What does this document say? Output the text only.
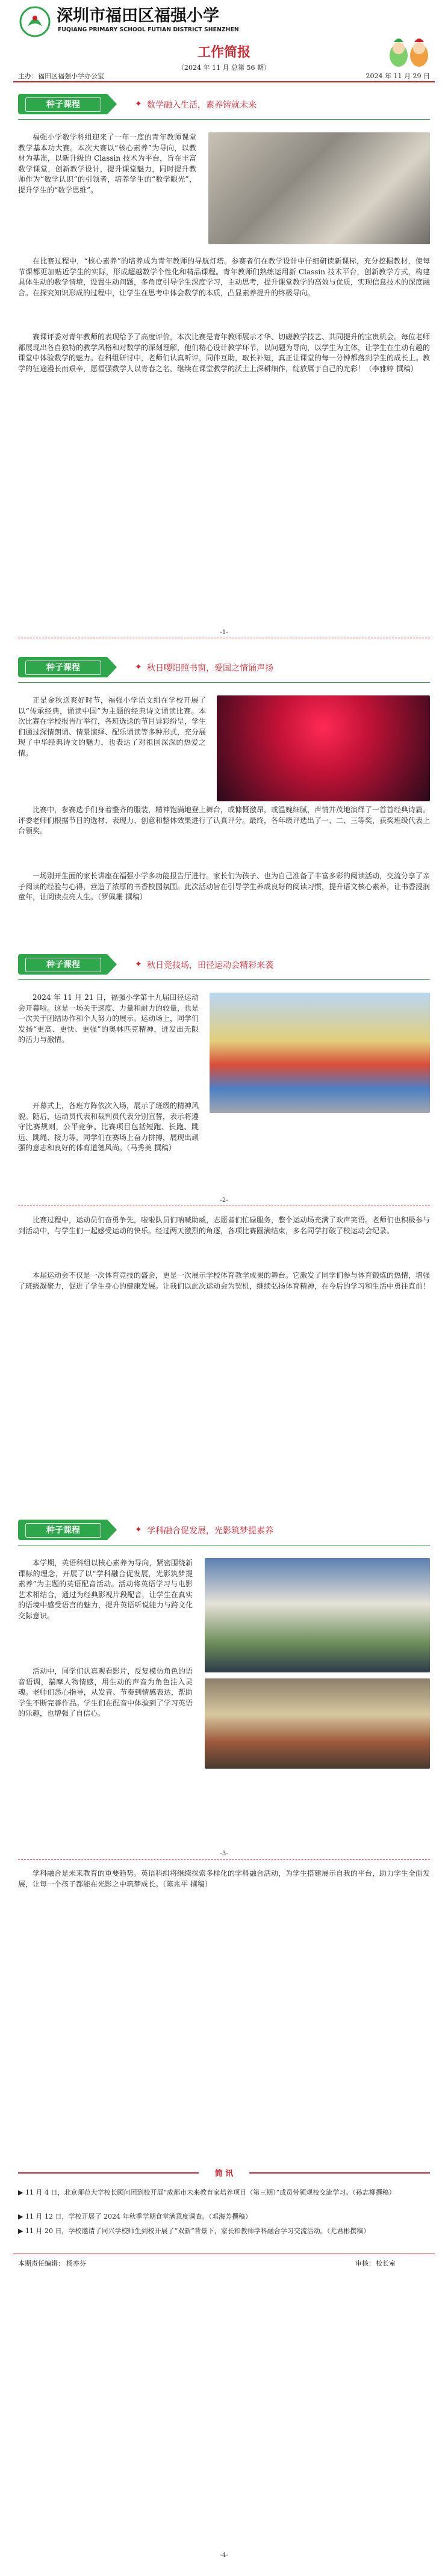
深圳市福田区福强小学
FUQIANG PRIMARY SCHOOL FUTIAN DISTRICT SHENZHEN
工作简报
（2024 年 11 月 总第 56 期）
主办：福田区福强小学办公室	2024 年 11 月 29 日
种子课程	✦ 数学融入生活，素养铸就未来
福强小学数学科组迎来了一年一度的青年教师课堂教学基本功大赛。本次大赛以“核心素养”为导向，以教材为基准，以新升级的 Classin 技术为平台，旨在丰富数学课堂，创新教学设计，提升课堂魅力，同时提升教师作为“数学认识”的引领者，培养学生的“数学眼光”，提升学生的“数学思维”。
在比赛过程中，“核心素养”的培养成为青年教师的导航灯塔。参赛者们在教学设计中仔细研读新课标，充分挖掘教材，使每节课都更加贴近学生的实际，形成超越数学个性化和精品课程。青年教师们熟练运用新 Classin 技术平台，创新教学方式，构建具体生动的数学情境，设置生动问题，多角度引导学生深度学习，主动思考，提升课堂教学的高效与优质，实现信息技术的深度融合。在探究知识形成的过程中，让学生在思考中体会数学的本质，凸显素养提升的终极导向。
赛课评委对青年教师的表现给予了高度评价，本次比赛是青年教师展示才华、切磋教学技艺、共同提升的宝贵机会。每位老师都展现出各自独特的教学风格和对数学的深刻理解，他们精心设计教学环节，以问题为导向，以学生为主体，让学生在生动有趣的课堂中体验数学的魅力。在科组研讨中，老师们认真听评，同伴互助，取长补短，真正让课堂的每一分钟都落到学生的成长上。教学的征途漫长而艰辛，愿福强数学人以青春之名，继续在课堂教学的沃土上深耕细作，绽放属于自己的光彩！（李雅婷 撰稿）
-1-
种子课程	✦ 秋日嘤阳照书窗，爱国之情诵声扬
正是金秋送爽好时节，福强小学语文组在学校开展了以“传承经典，诵读中国”为主题的经典诗文诵读比赛。本次比赛在学校报告厅举行，各班选送的节目异彩纷呈，学生们通过深情朗诵、情景演绎、配乐诵读等多种形式，充分展现了中华经典诗文的魅力，也表达了对祖国深深的热爱之情。
比赛中，参赛选手们身着整齐的服装，精神饱满地登上舞台，或慷慨激昂，或温婉细腻，声情并茂地演绎了一首首经典诗篇。评委老师们根据节目的选材、表现力、创意和整体效果进行了认真评分。最终，各年级评选出了一、二、三等奖，获奖班级代表上台领奖。
一场别开生面的家长讲座在福强小学多功能报告厅进行。家长们为孩子、也为自己准备了丰富多彩的阅读活动，交流分享了亲子阅读的经验与心得，营造了浓厚的书香校园氛围。此次活动旨在引导学生养成良好的阅读习惯，提升语文核心素养，让书香浸润童年，让阅读点亮人生。（罗佩珊 撰稿）
种子课程	✦ 秋日竞技场，田径运动会精彩来袭
2024 年 11 月 21 日，福强小学第十九届田径运动会开幕啦。这是一场关于速度、力量和耐力的较量，也是一次关于团结协作和个人努力的展示。运动场上，同学们发扬“更高、更快、更强”的奥林匹克精神，迸发出无限的活力与激情。
开幕式上，各班方阵依次入场，展示了班级的精神风貌。随后，运动员代表和裁判员代表分别宣誓，表示将遵守比赛规则，公平竞争。比赛项目包括短跑、长跑、跳远、跳绳、接力等，同学们在赛场上奋力拼搏，展现出顽强的意志和良好的体育道德风尚。（马秀美 撰稿）
-2-
比赛过程中，运动员们奋勇争先，啦啦队员们呐喊助威，志愿者们忙碌服务，整个运动场充满了欢声笑语。老师们也积极参与到活动中，与学生们一起感受运动的快乐。经过两天激烈的角逐，各项比赛圆满结束，多名同学打破了校运动会纪录。
本届运动会不仅是一次体育竞技的盛会，更是一次展示学校体育教学成果的舞台。它激发了同学们参与体育锻炼的热情，增强了班级凝聚力，促进了学生身心的健康发展。让我们以此次运动会为契机，继续弘扬体育精神，在今后的学习和生活中勇往直前！
种子课程	✦ 学科融合促发展，光影筑梦提素养
本学期，英语科组以核心素养为导向，紧密围绕新课标的理念，开展了以“学科融合促发展，光影筑梦提素养”为主题的英语配音活动。活动将英语学习与电影艺术相结合，通过为经典影视片段配音，让学生在真实的语境中感受语言的魅力，提升英语听说能力与跨文化交际意识。
活动中，同学们认真观看影片，反复模仿角色的语音语调，揣摩人物情感，用生动的声音为角色注入灵魂。老师们悉心指导，从发音、节奏到情感表达，帮助学生不断完善作品。学生们在配音中体验到了学习英语的乐趣，也增强了自信心。
-3-
学科融合是未来教育的重要趋势。英语科组将继续探索多样化的学科融合活动，为学生搭建展示自我的平台，助力学生全面发展，让每一个孩子都能在光影之中筑梦成长。（陈兆平 撰稿）
简 讯
▶ 11 月 4 日，北京师范大学校长顾问团到校开展“成都市未来教育家培养项目（第三期）”成员带领观校交流学习。（孙志柳撰稿）
▶ 11 月 12 日，学校开展了 2024 年秋季学期食堂满意度调查。（邓海芳撰稿）
▶ 11 月 20 日，学校邀请了同兴学校师生到校开展了“双新”背景下，家长和教师学科融合学习交流活动。（尤君彬撰稿）
本期责任编辑： 杨亦芬	审核： 校长室
-4-
